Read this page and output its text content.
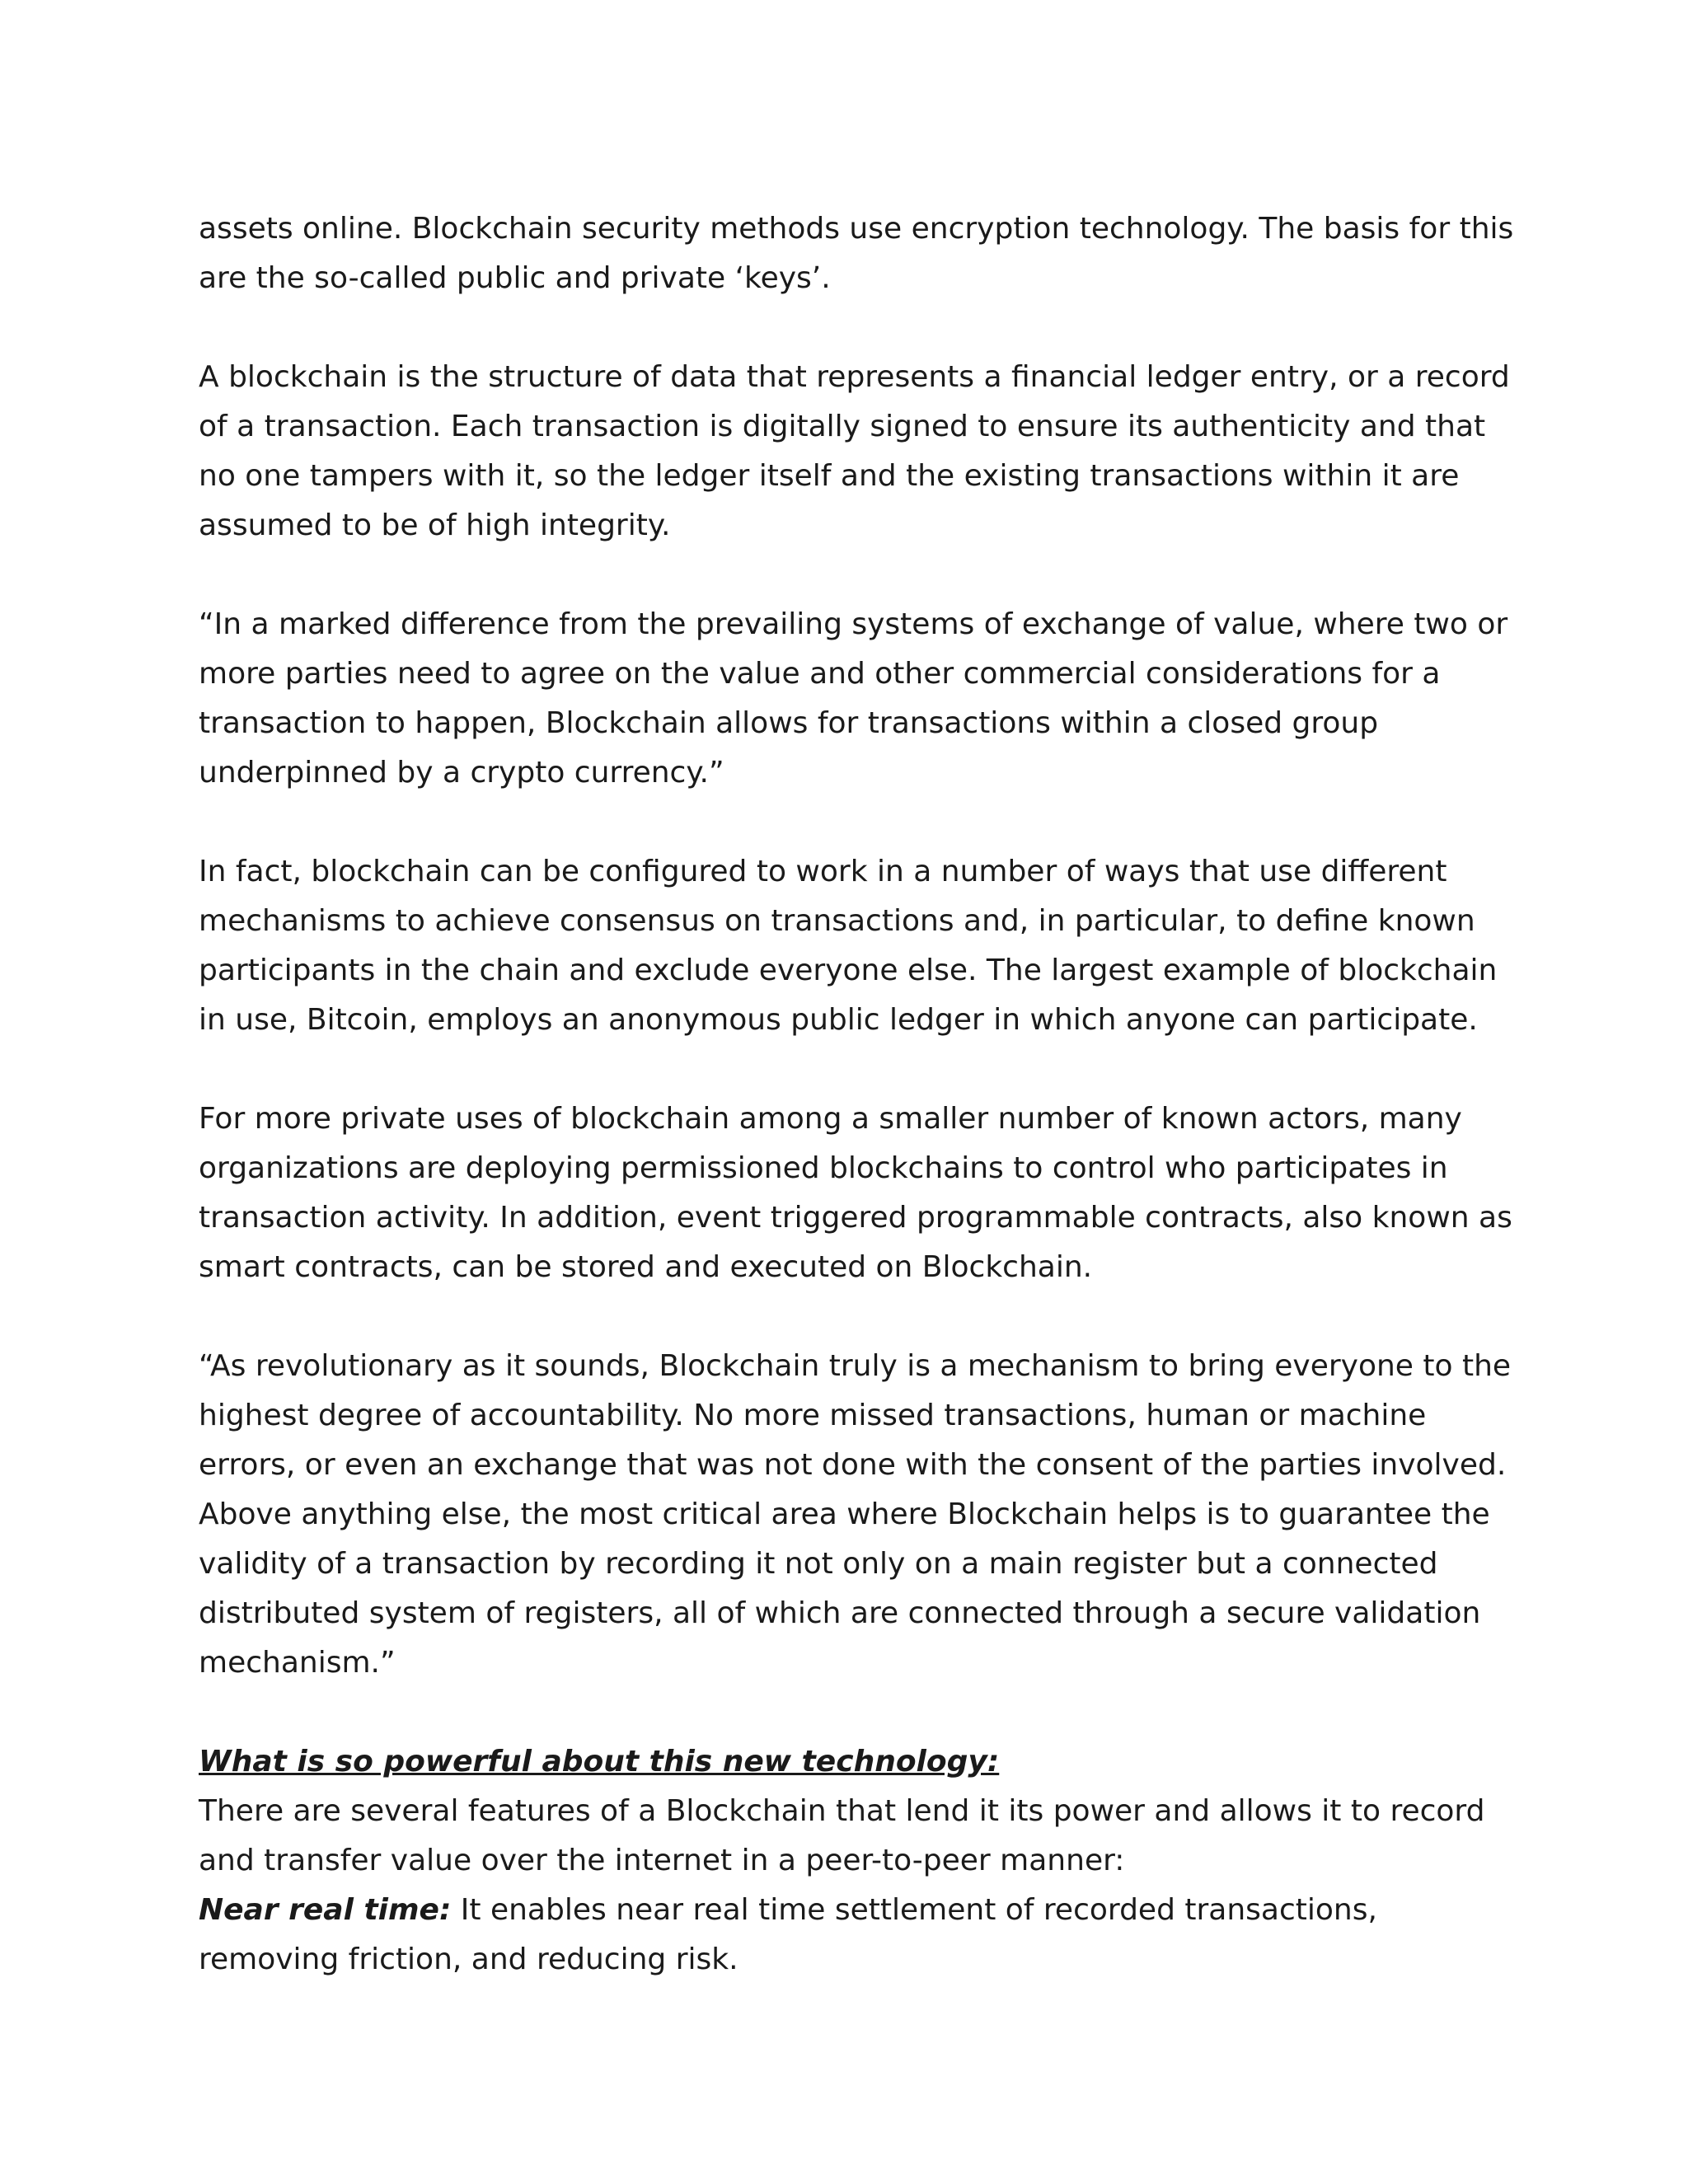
assets online. Blockchain security methods use encryption technology. The basis for this are the so-called public and private ‘keys’.

A blockchain is the structure of data that represents a financial ledger entry, or a record of a transaction. Each transaction is digitally signed to ensure its authenticity and that no one tampers with it, so the ledger itself and the existing transactions within it are assumed to be of high integrity.

“In a marked difference from the prevailing systems of exchange of value, where two or more parties need to agree on the value and other commercial considerations for a transaction to happen, Blockchain allows for transactions within a closed group underpinned by a crypto currency.”

In fact, blockchain can be configured to work in a number of ways that use different mechanisms to achieve consensus on transactions and, in particular, to define known participants in the chain and exclude everyone else. The largest example of blockchain in use, Bitcoin, employs an anonymous public ledger in which anyone can participate.

For more private uses of blockchain among a smaller number of known actors, many organizations are deploying permissioned blockchains to control who participates in transaction activity. In addition, event triggered programmable contracts, also known as smart contracts, can be stored and executed on Blockchain.

“As revolutionary as it sounds, Blockchain truly is a mechanism to bring everyone to the highest degree of accountability. No more missed transactions, human or machine errors, or even an exchange that was not done with the consent of the parties involved. Above anything else, the most critical area where Blockchain helps is to guarantee the validity of a transaction by recording it not only on a main register but a connected distributed system of registers, all of which are connected through a secure validation mechanism.”

What is so powerful about this new technology:

There are several features of a Blockchain that lend it its power and allows it to record and transfer value over the internet in a peer-to-peer manner:

Near real time: It enables near real time settlement of recorded transactions, removing friction, and reducing risk.
